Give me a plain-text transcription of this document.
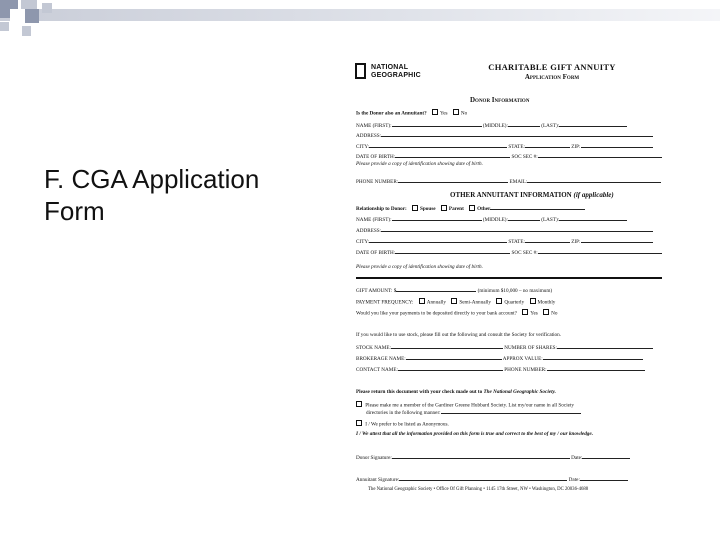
F. CGA Application
Form
NATIONAL
GEOGRAPHIC
CHARITABLE GIFT ANNUITY
Application Form
Donor Information
Is the Donor also an Annuitant?	Yes	No
NAME (FIRST):	(MIDDLE):	(LAST):
ADDRESS:
CITY:	STATE:	ZIP:
DATE OF BIRTH:	SOC SEC #:
Please provide a copy of identification showing date of birth.
PHONE NUMBER:	EMAIL:
OTHER ANNUITANT INFORMATION (if applicable)
Relationship to Donor:	Spouse	Parent	Other
NAME (FIRST):	(MIDDLE):	(LAST):
ADDRESS:
CITY:	STATE:	ZIP:
DATE OF BIRTH:	SOC SEC #:
Please provide a copy of identification showing date of birth.
GIFT AMOUNT: $	(minimum $10,000 – no maximum)
PAYMENT FREQUENCY:	Annually	Semi-Annually	Quarterly	Monthly
Would you like your payments to be deposited directly to your bank account?	Yes	No
If you would like to use stock, please fill out the following and consult the Society for verification.
STOCK NAME:	NUMBER OF SHARES:
BROKERAGE NAME:	APPROX VALUE:
CONTACT NAME:	PHONE NUMBER:
Please return this document with your check made out to The National Geographic Society.
Please make me a member of the Gardiner Greene Hubbard Society. List my/our name in all Society
directories in the following manner:
I / We prefer to be listed as Anonymous.
I / We attest that all the information provided on this form is true and correct to the best of my / our knowledge.
Donor Signature:	Date:
Annuitant Signature:	Date:
The National Geographic Society • Office Of Gift Planning • 1145 17th Street, NW • Washington, DC 20036-4688
